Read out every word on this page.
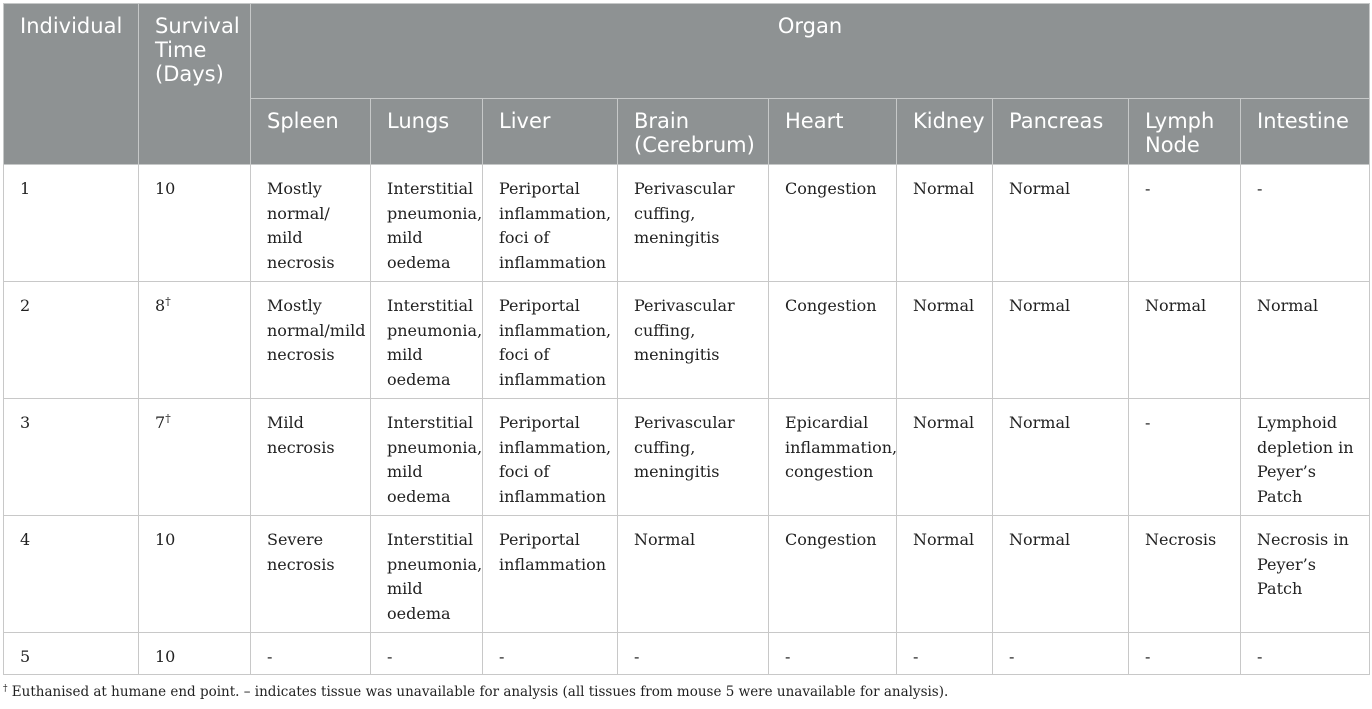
Individual	Survival Time (Days)	Organ								
		Spleen	Lungs	Liver	Brain (Cerebrum)	Heart	Kidney	Pancreas	Lymph Node	Intestine
1	10	Mostly normal/ mild necrosis	Interstitial pneumonia, mild oedema	Periportal inflammation, foci of inflammation	Perivascular cuffing, meningitis	Congestion	Normal	Normal	-	-
2	8†	Mostly normal/mild necrosis	Interstitial pneumonia, mild oedema	Periportal inflammation, foci of inflammation	Perivascular cuffing, meningitis	Congestion	Normal	Normal	Normal	Normal
3	7†	Mild necrosis	Interstitial pneumonia, mild oedema	Periportal inflammation, foci of inflammation	Perivascular cuffing, meningitis	Epicardial inflammation, congestion	Normal	Normal	-	Lymphoid depletion in Peyer’s Patch
4	10	Severe necrosis	Interstitial pneumonia, mild oedema	Periportal inflammation	Normal	Congestion	Normal	Normal	Necrosis	Necrosis in Peyer’s Patch
5	10	-	-	-	-	-	-	-	-	-
† Euthanised at humane end point. – indicates tissue was unavailable for analysis (all tissues from mouse 5 were unavailable for analysis).
